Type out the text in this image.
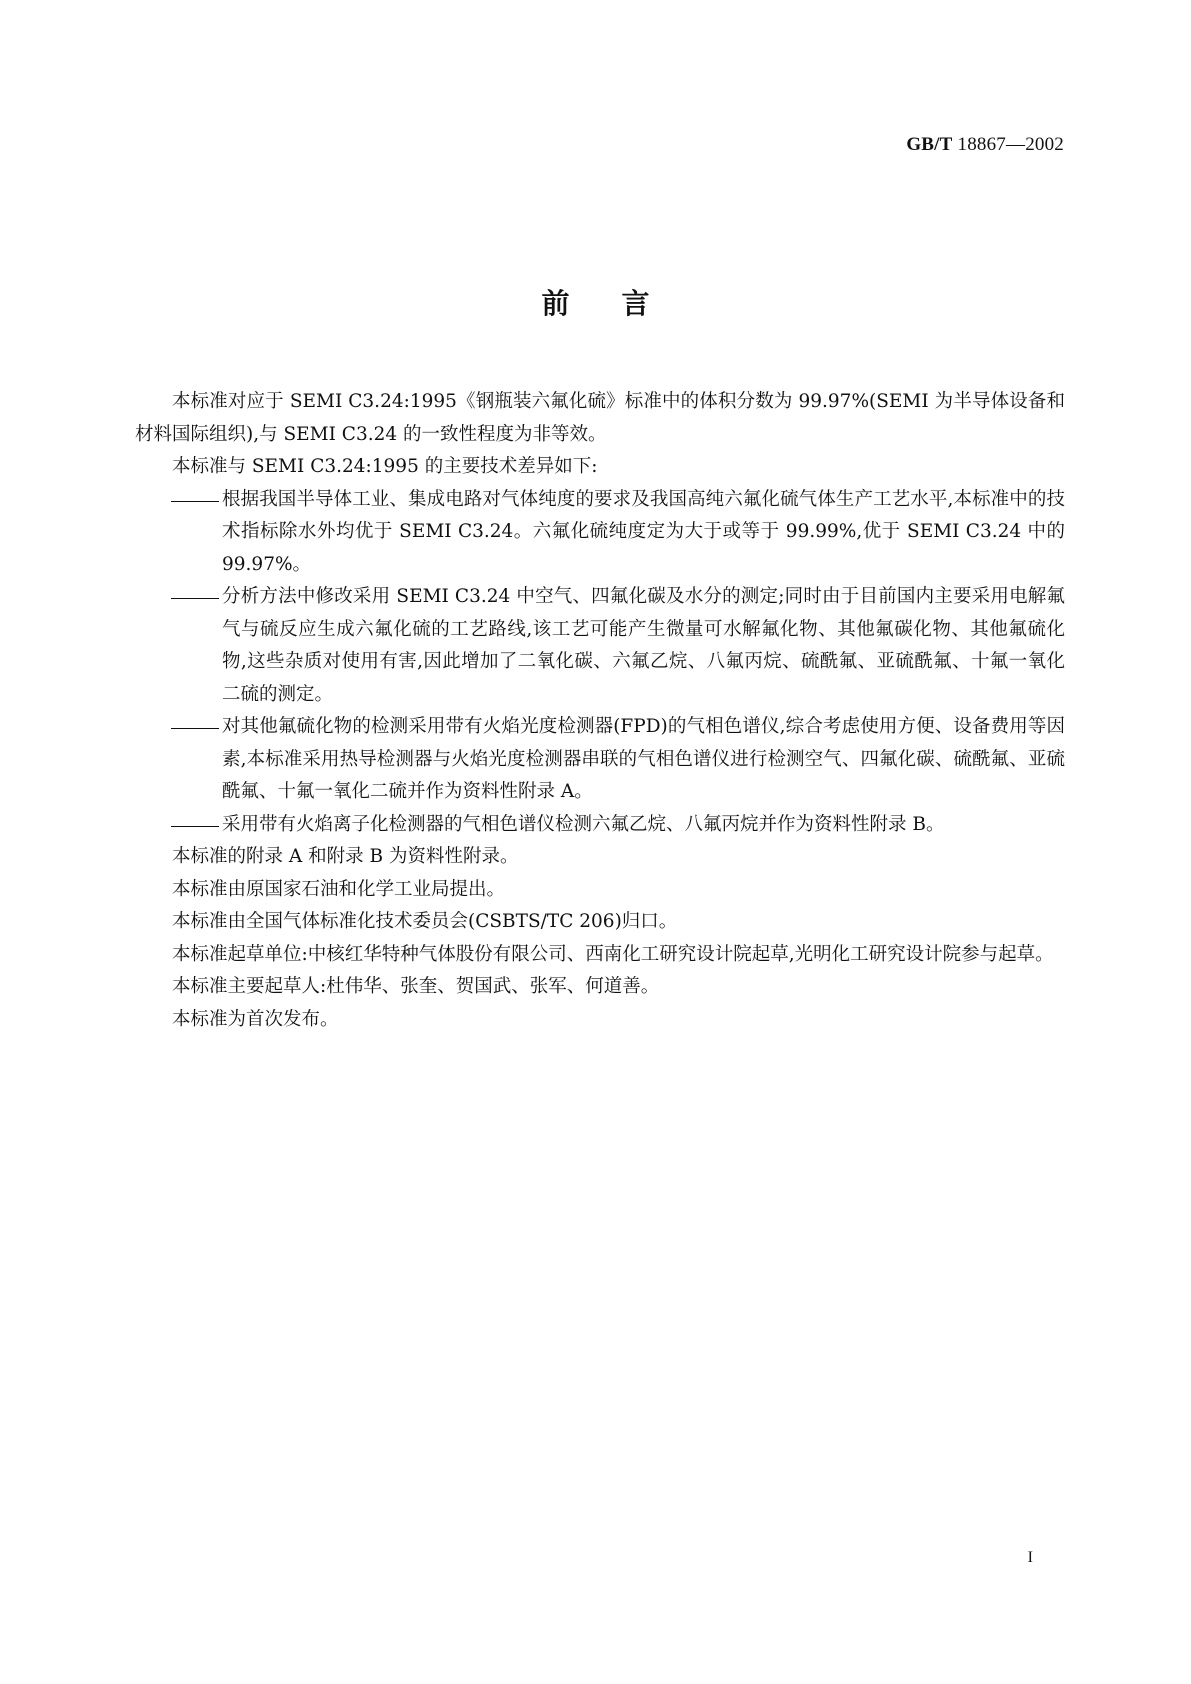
GB/T 18867—2002
前言

本标准对应于 SEMI C3.24:1995《钢瓶装六氟化硫》标准中的体积分数为 99.97%(SEMI 为半导体设备和材料国际组织),与 SEMI C3.24 的一致性程度为非等效。

本标准与 SEMI C3.24:1995 的主要技术差异如下:

根据我国半导体工业、集成电路对气体纯度的要求及我国高纯六氟化硫气体生产工艺水平,本标准中的技术指标除水外均优于 SEMI C3.24。六氟化硫纯度定为大于或等于 99.99%,优于 SEMI C3.24 中的 99.97%。

分析方法中修改采用 SEMI C3.24 中空气、四氟化碳及水分的测定;同时由于目前国内主要采用电解氟气与硫反应生成六氟化硫的工艺路线,该工艺可能产生微量可水解氟化物、其他氟碳化物、其他氟硫化物,这些杂质对使用有害,因此增加了二氧化碳、六氟乙烷、八氟丙烷、硫酰氟、亚硫酰氟、十氟一氧化二硫的测定。

对其他氟硫化物的检测采用带有火焰光度检测器(FPD)的气相色谱仪,综合考虑使用方便、设备费用等因素,本标准采用热导检测器与火焰光度检测器串联的气相色谱仪进行检测空气、四氟化碳、硫酰氟、亚硫酰氟、十氟一氧化二硫并作为资料性附录 A。

采用带有火焰离子化检测器的气相色谱仪检测六氟乙烷、八氟丙烷并作为资料性附录 B。

本标准的附录 A 和附录 B 为资料性附录。

本标准由原国家石油和化学工业局提出。

本标准由全国气体标准化技术委员会(CSBTS/TC 206)归口。

本标准起草单位:中核红华特种气体股份有限公司、西南化工研究设计院起草,光明化工研究设计院参与起草。

本标准主要起草人:杜伟华、张奎、贺国武、张军、何道善。

本标准为首次发布。

I
